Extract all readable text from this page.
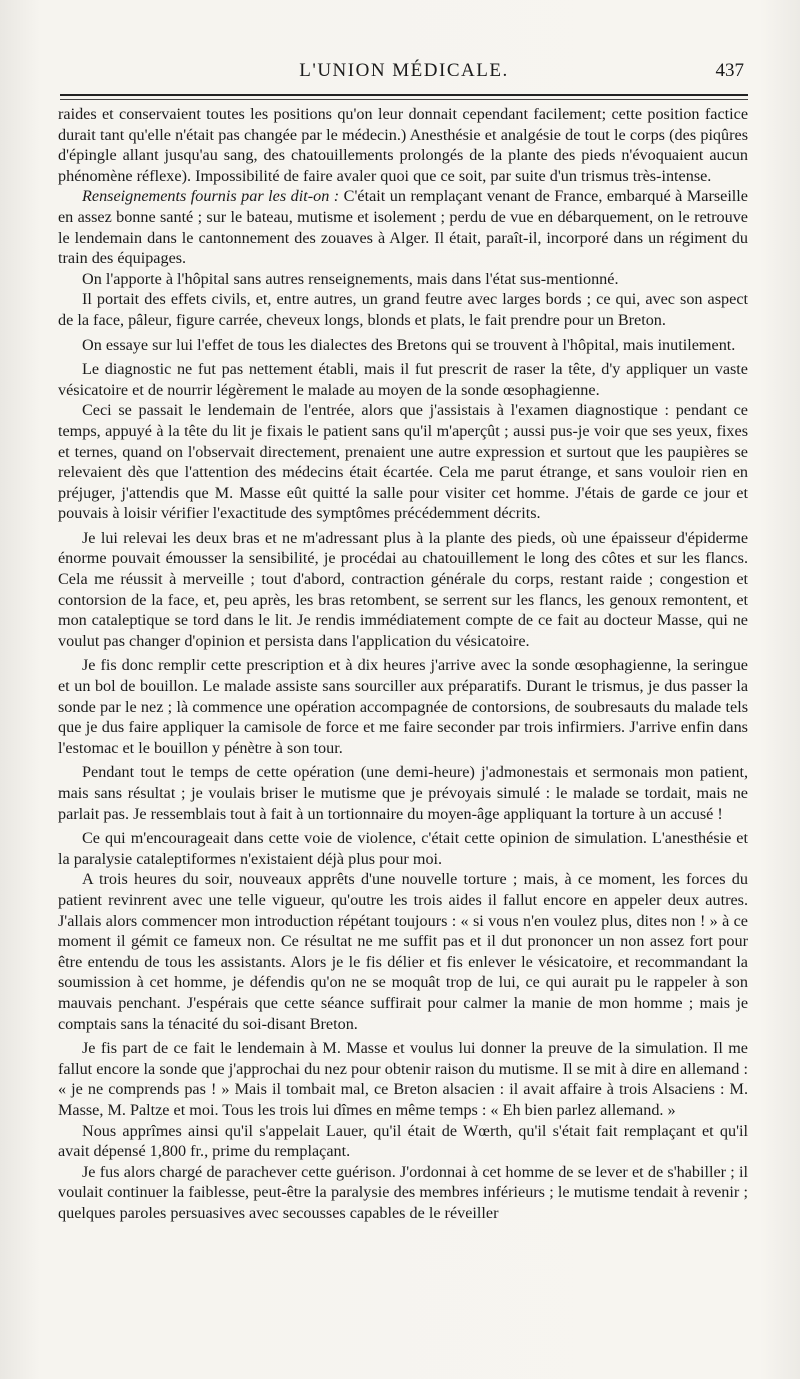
L'UNION MÉDICALE.	437

raides et conservaient toutes les positions qu'on leur donnait cependant facilement; cette position factice durait tant qu'elle n'était pas changée par le médecin.) Anesthésie et analgésie de tout le corps (des piqûres d'épingle allant jusqu'au sang, des chatouillements prolongés de la plante des pieds n'évoquaient aucun phénomène réflexe). Impossibilité de faire avaler quoi que ce soit, par suite d'un trismus très-intense.

Renseignements fournis par les dit-on : C'était un remplaçant venant de France, embarqué à Marseille en assez bonne santé ; sur le bateau, mutisme et isolement ; perdu de vue en débarquement, on le retrouve le lendemain dans le cantonnement des zouaves à Alger. Il était, paraît-il, incorporé dans un régiment du train des équipages.

On l'apporte à l'hôpital sans autres renseignements, mais dans l'état sus-mentionné.

Il portait des effets civils, et, entre autres, un grand feutre avec larges bords ; ce qui, avec son aspect de la face, pâleur, figure carrée, cheveux longs, blonds et plats, le fait prendre pour un Breton.

On essaye sur lui l'effet de tous les dialectes des Bretons qui se trouvent à l'hôpital, mais inutilement.

Le diagnostic ne fut pas nettement établi, mais il fut prescrit de raser la tête, d'y appliquer un vaste vésicatoire et de nourrir légèrement le malade au moyen de la sonde œsophagienne.

Ceci se passait le lendemain de l'entrée, alors que j'assistais à l'examen diagnostique : pendant ce temps, appuyé à la tête du lit je fixais le patient sans qu'il m'aperçût ; aussi pus-je voir que ses yeux, fixes et ternes, quand on l'observait directement, prenaient une autre expression et surtout que les paupières se relevaient dès que l'attention des médecins était écartée. Cela me parut étrange, et sans vouloir rien en préjuger, j'attendis que M. Masse eût quitté la salle pour visiter cet homme. J'étais de garde ce jour et pouvais à loisir vérifier l'exactitude des symptômes précédemment décrits.

Je lui relevai les deux bras et ne m'adressant plus à la plante des pieds, où une épaisseur d'épiderme énorme pouvait émousser la sensibilité, je procédai au chatouillement le long des côtes et sur les flancs. Cela me réussit à merveille ; tout d'abord, contraction générale du corps, restant raide ; congestion et contorsion de la face, et, peu après, les bras retombent, se serrent sur les flancs, les genoux remontent, et mon cataleptique se tord dans le lit. Je rendis immédiatement compte de ce fait au docteur Masse, qui ne voulut pas changer d'opinion et persista dans l'application du vésicatoire.

Je fis donc remplir cette prescription et à dix heures j'arrive avec la sonde œsophagienne, la seringue et un bol de bouillon. Le malade assiste sans sourciller aux préparatifs. Durant le trismus, je dus passer la sonde par le nez ; là commence une opération accompagnée de contorsions, de soubresauts du malade tels que je dus faire appliquer la camisole de force et me faire seconder par trois infirmiers. J'arrive enfin dans l'estomac et le bouillon y pénètre à son tour.

Pendant tout le temps de cette opération (une demi-heure) j'admonestais et sermonais mon patient, mais sans résultat ; je voulais briser le mutisme que je prévoyais simulé : le malade se tordait, mais ne parlait pas. Je ressemblais tout à fait à un tortionnaire du moyen-âge appliquant la torture à un accusé !

Ce qui m'encourageait dans cette voie de violence, c'était cette opinion de simulation. L'anesthésie et la paralysie cataleptiformes n'existaient déjà plus pour moi.

A trois heures du soir, nouveaux apprêts d'une nouvelle torture ; mais, à ce moment, les forces du patient revinrent avec une telle vigueur, qu'outre les trois aides il fallut encore en appeler deux autres. J'allais alors commencer mon introduction répétant toujours : « si vous n'en voulez plus, dites non ! » à ce moment il gémit ce fameux non. Ce résultat ne me suffit pas et il dut prononcer un non assez fort pour être entendu de tous les assistants. Alors je le fis délier et fis enlever le vésicatoire, et recommandant la soumission à cet homme, je défendis qu'on ne se moquât trop de lui, ce qui aurait pu le rappeler à son mauvais penchant. J'espérais que cette séance suffirait pour calmer la manie de mon homme ; mais je comptais sans la ténacité du soi-disant Breton.

Je fis part de ce fait le lendemain à M. Masse et voulus lui donner la preuve de la simulation. Il me fallut encore la sonde que j'approchai du nez pour obtenir raison du mutisme. Il se mit à dire en allemand : « je ne comprends pas ! » Mais il tombait mal, ce Breton alsacien : il avait affaire à trois Alsaciens : M. Masse, M. Paltze et moi. Tous les trois lui dîmes en même temps : « Eh bien parlez allemand. »

Nous apprîmes ainsi qu'il s'appelait Lauer, qu'il était de Wœrth, qu'il s'était fait remplaçant et qu'il avait dépensé 1,800 fr., prime du remplaçant.

Je fus alors chargé de parachever cette guérison. J'ordonnai à cet homme de se lever et de s'habiller ; il voulait continuer la faiblesse, peut-être la paralysie des membres inférieurs ; le mutisme tendait à revenir ; quelques paroles persuasives avec secousses capables de le réveiller
